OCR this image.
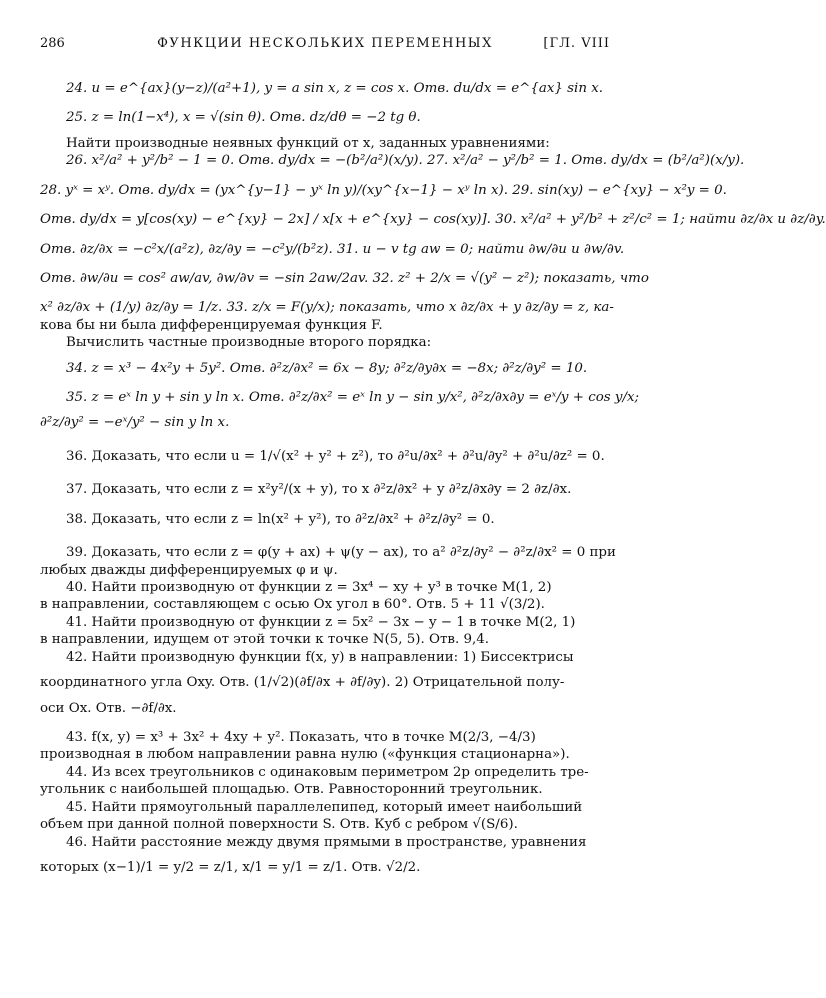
286	ФУНКЦИИ НЕСКОЛЬКИХ ПЕРЕМЕННЫХ	[ГЛ. VIII

24. u = e^{ax}(y−z)/(a²+1), y = a sin x, z = cos x. Отв. du/dx = e^{ax} sin x.

25. z = ln(1−x⁴), x = √(sin θ). Отв. dz/dθ = −2 tg θ.

Найти производные неявных функций от x, заданных уравнениями:

26. x²/a² + y²/b² − 1 = 0. Отв. dy/dx = −(b²/a²)(x/y). 27. x²/a² − y²/b² = 1. Отв. dy/dx = (b²/a²)(x/y).

28. yˣ = xʸ. Отв. dy/dx = (yx^{y−1} − yˣ ln y)/(xy^{x−1} − xʸ ln x). 29. sin(xy) − e^{xy} − x²y = 0.

Отв. dy/dx = y[cos(xy) − e^{xy} − 2x] / x[x + e^{xy} − cos(xy)]. 30. x²/a² + y²/b² + z²/c² = 1; найти ∂z/∂x и ∂z/∂y.

Отв. ∂z/∂x = −c²x/(a²z), ∂z/∂y = −c²y/(b²z). 31. u − v tg aw = 0; найти ∂w/∂u и ∂w/∂v.

Отв. ∂w/∂u = cos² aw/av, ∂w/∂v = −sin 2aw/2av. 32. z² + 2/x = √(y² − z²); показать, что

x² ∂z/∂x + (1/y) ∂z/∂y = 1/z. 33. z/x = F(y/x); показать, что x ∂z/∂x + y ∂z/∂y = z, ка-

кова бы ни была дифференцируемая функция F.

Вычислить частные производные второго порядка:

34. z = x³ − 4x²y + 5y². Отв. ∂²z/∂x² = 6x − 8y; ∂²z/∂y∂x = −8x; ∂²z/∂y² = 10.

35. z = eˣ ln y + sin y ln x. Отв. ∂²z/∂x² = eˣ ln y − sin y/x², ∂²z/∂x∂y = eˣ/y + cos y/x;

∂²z/∂y² = −eˣ/y² − sin y ln x.

36. Доказать, что если u = 1/√(x² + y² + z²), то ∂²u/∂x² + ∂²u/∂y² + ∂²u/∂z² = 0.

37. Доказать, что если z = x²y²/(x + y), то x ∂²z/∂x² + y ∂²z/∂x∂y = 2 ∂z/∂x.

38. Доказать, что если z = ln(x² + y²), то ∂²z/∂x² + ∂²z/∂y² = 0.

39. Доказать, что если z = φ(y + ax) + ψ(y − ax), то a² ∂²z/∂y² − ∂²z/∂x² = 0 при

любых дважды дифференцируемых φ и ψ.

40. Найти производную от функции z = 3x⁴ − xy + y³ в точке M(1, 2)

в направлении, составляющем с осью Ox угол в 60°. Отв. 5 + 11 √(3/2).

41. Найти производную от функции z = 5x² − 3x − y − 1 в точке M(2, 1)

в направлении, идущем от этой точки к точке N(5, 5). Отв. 9,4.

42. Найти производную функции f(x, y) в направлении: 1) Биссектрисы

координатного угла Oxy. Отв. (1/√2)(∂f/∂x + ∂f/∂y). 2) Отрицательной полу-

оси Ox. Отв. −∂f/∂x.

43. f(x, y) = x³ + 3x² + 4xy + y². Показать, что в точке M(2/3, −4/3)

производная в любом направлении равна нулю («функция стационарна»).

44. Из всех треугольников с одинаковым периметром 2p определить тре-

угольник с наибольшей площадью. Отв. Равносторонний треугольник.

45. Найти прямоугольный параллелепипед, который имеет наибольший

объем при данной полной поверхности S. Отв. Куб с ребром √(S/6).

46. Найти расстояние между двумя прямыми в пространстве, уравнения

которых (x−1)/1 = y/2 = z/1, x/1 = y/1 = z/1. Отв. √2/2.
